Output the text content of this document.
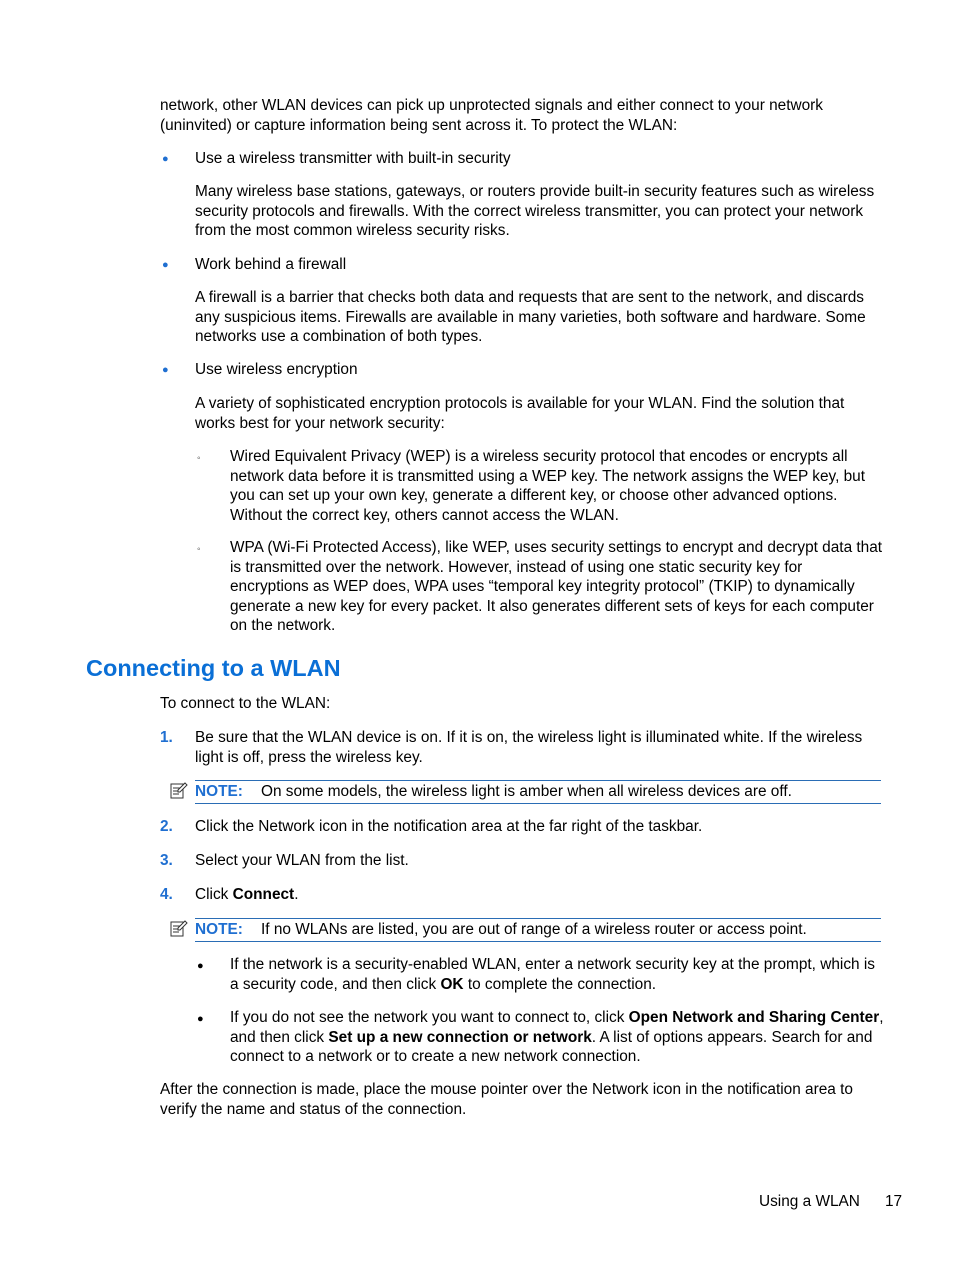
network, other WLAN devices can pick up unprotected signals and either connect to your network (uninvited) or capture information being sent across it. To protect the WLAN:

● Use a wireless transmitter with built-in security

Many wireless base stations, gateways, or routers provide built-in security features such as wireless security protocols and firewalls. With the correct wireless transmitter, you can protect your network from the most common wireless security risks.

● Work behind a firewall

A firewall is a barrier that checks both data and requests that are sent to the network, and discards any suspicious items. Firewalls are available in many varieties, both software and hardware. Some networks use a combination of both types.

● Use wireless encryption

A variety of sophisticated encryption protocols is available for your WLAN. Find the solution that works best for your network security:

◦ Wired Equivalent Privacy (WEP) is a wireless security protocol that encodes or encrypts all network data before it is transmitted using a WEP key. The network assigns the WEP key, but you can set up your own key, generate a different key, or choose other advanced options. Without the correct key, others cannot access the WLAN.

◦ WPA (Wi-Fi Protected Access), like WEP, uses security settings to encrypt and decrypt data that is transmitted over the network. However, instead of using one static security key for encryptions as WEP does, WPA uses “temporal key integrity protocol” (TKIP) to dynamically generate a new key for every packet. It also generates different sets of keys for each computer on the network.

Connecting to a WLAN

To connect to the WLAN:

1. Be sure that the WLAN device is on. If it is on, the wireless light is illuminated white. If the wireless light is off, press the wireless key.

NOTE: On some models, the wireless light is amber when all wireless devices are off.
2. Click the Network icon in the notification area at the far right of the taskbar.

3. Select your WLAN from the list.

4. Click Connect.

NOTE: If no WLANs are listed, you are out of range of a wireless router or access point.
● If the network is a security-enabled WLAN, enter a network security key at the prompt, which is a security code, and then click OK to complete the connection.

● If you do not see the network you want to connect to, click Open Network and Sharing Center, and then click Set up a new connection or network. A list of options appears. Search for and connect to a network or to create a new network connection.

After the connection is made, place the mouse pointer over the Network icon in the notification area to verify the name and status of the connection.

Using a WLAN 17
